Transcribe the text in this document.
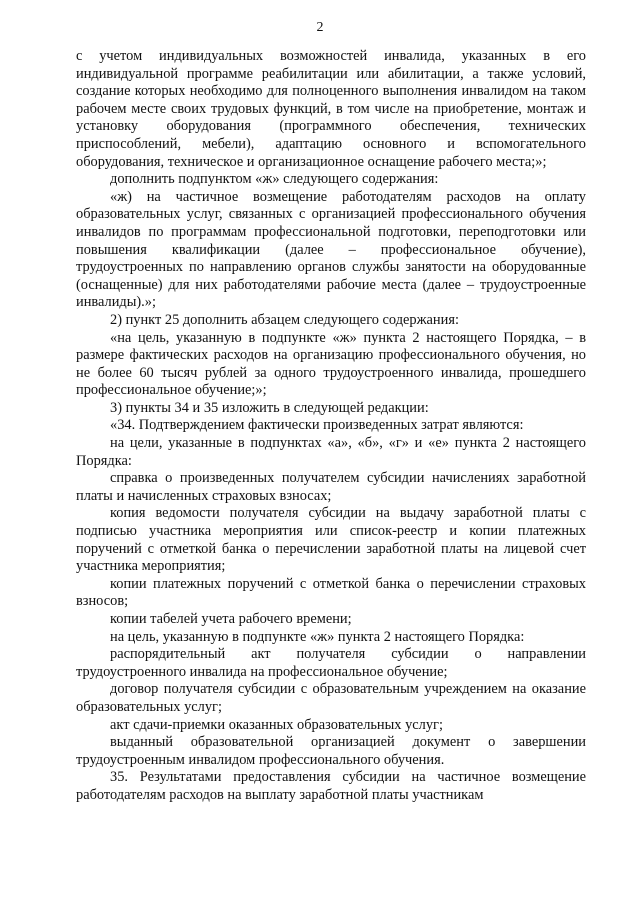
2

с учетом индивидуальных возможностей инвалида, указанных в его индивидуальной программе реабилитации или абилитации, а также условий, создание которых необходимо для полноценного выполнения инвалидом на таком рабочем месте своих трудовых функций, в том числе на приобретение, монтаж и установку оборудования (программного обеспечения, технических приспособлений, мебели), адаптацию основного и вспомогательного оборудования, техническое и организационное оснащение рабочего места;»;

дополнить подпунктом «ж» следующего содержания:

«ж) на частичное возмещение работодателям расходов на оплату образовательных услуг, связанных с организацией профессионального обучения инвалидов по программам профессиональной подготовки, переподготовки или повышения квалификации (далее – профессиональное обучение), трудоустроенных по направлению органов службы занятости на оборудованные (оснащенные) для них работодателями рабочие места (далее – трудоустроенные инвалиды).»;

2) пункт 25 дополнить абзацем следующего содержания:

«на цель, указанную в подпункте «ж» пункта 2 настоящего Порядка, – в размере фактических расходов на организацию профессионального обучения, но не более 60 тысяч рублей за одного трудоустроенного инвалида, прошедшего профессиональное обучение;»;

3) пункты 34 и 35 изложить в следующей редакции:

«34. Подтверждением фактически произведенных затрат являются:

на цели, указанные в подпунктах «а», «б», «г» и «е» пункта 2 настоящего Порядка:

справка о произведенных получателем субсидии начислениях заработной платы и начисленных страховых взносах;

копия ведомости получателя субсидии на выдачу заработной платы с подписью участника мероприятия или список-реестр и копии платежных поручений с отметкой банка о перечислении заработной платы на лицевой счет участника мероприятия;

копии платежных поручений с отметкой банка о перечислении страховых взносов;

копии табелей учета рабочего времени;

на цель, указанную в подпункте «ж» пункта 2 настоящего Порядка:

распорядительный акт получателя субсидии о направлении трудоустроенного инвалида на профессиональное обучение;

договор получателя субсидии с образовательным учреждением на оказание образовательных услуг;

акт сдачи-приемки оказанных образовательных услуг;

выданный образовательной организацией документ о завершении трудоустроенным инвалидом профессионального обучения.

35. Результатами предоставления субсидии на частичное возмещение работодателям расходов на выплату заработной платы участникам
